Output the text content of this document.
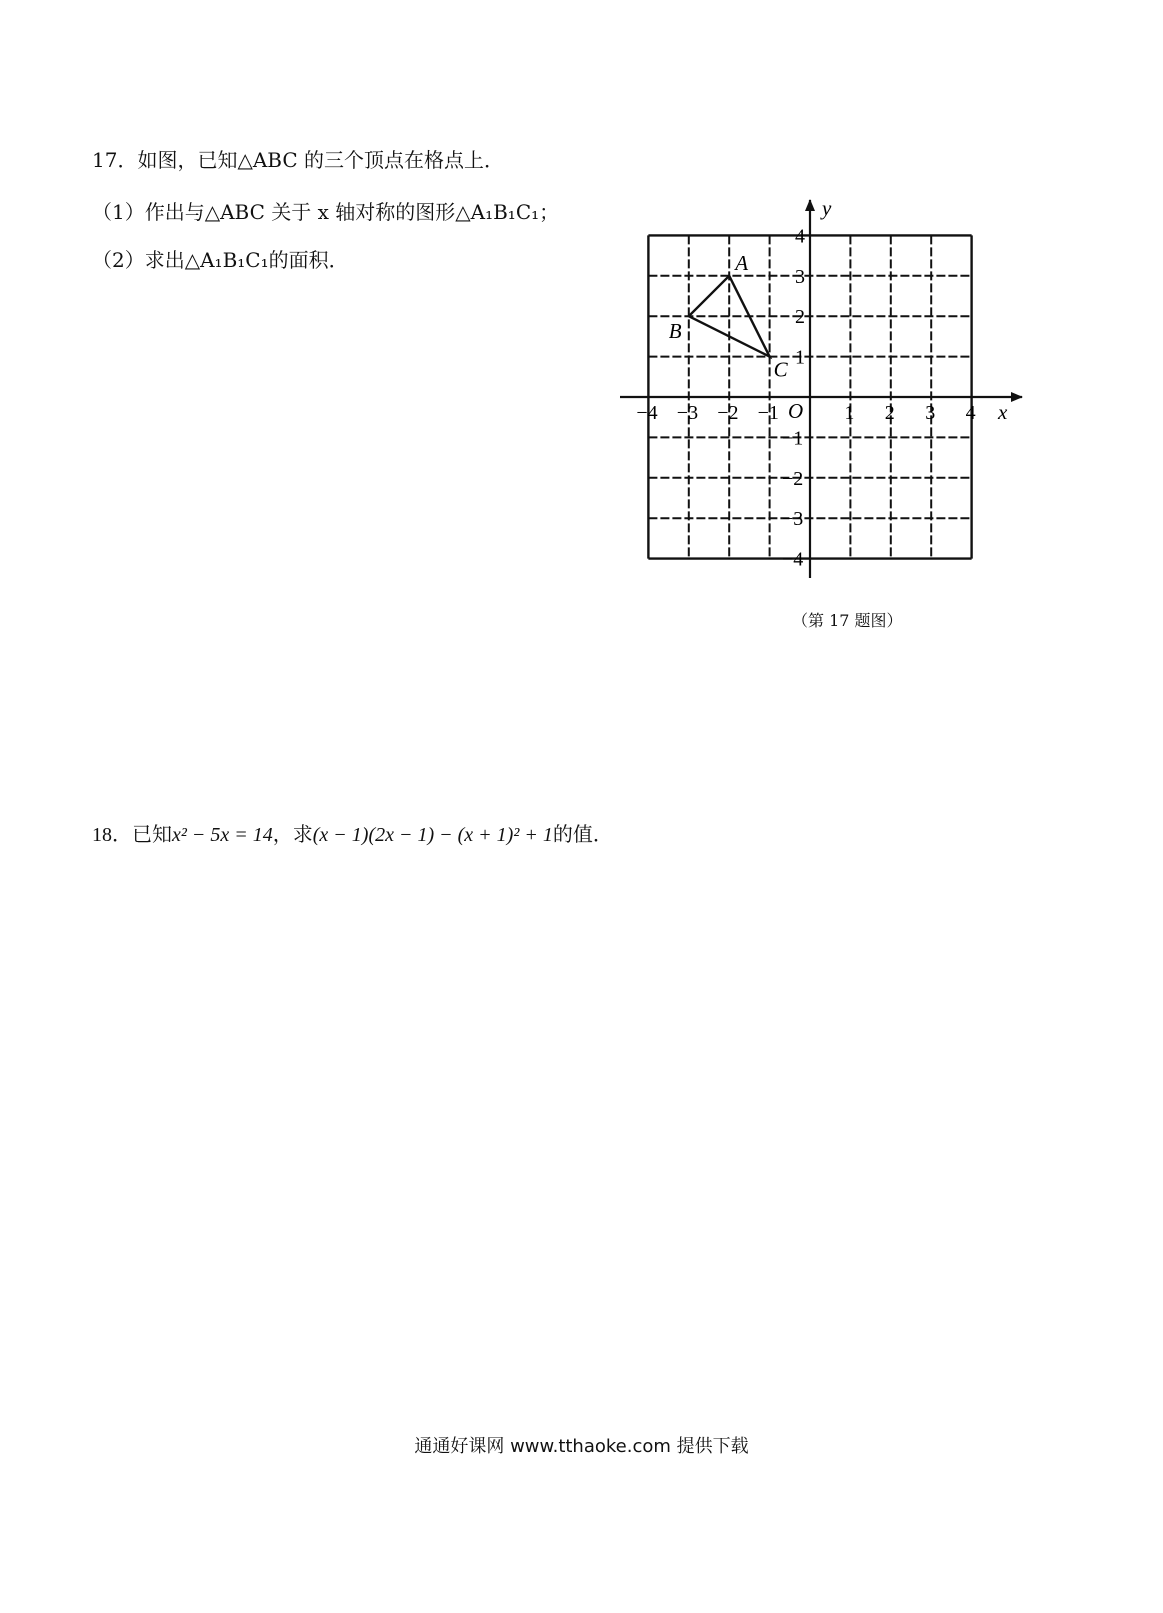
17．如图，已知△ABC 的三个顶点在格点上．
（1）作出与△ABC 关于 x 轴对称的图形△A₁B₁C₁；
（2）求出△A₁B₁C₁的面积．	A
B
C
−4 −3 −2 −1	1 2 3 4
4
3
2
1
−1
−2
−3
−4
x
y
O
（第 17 题图）
18．已知x² − 5x = 14，求(x − 1)(2x − 1) − (x + 1)² + 1的值．
通通好课网 www.tthaoke.com 提供下载
